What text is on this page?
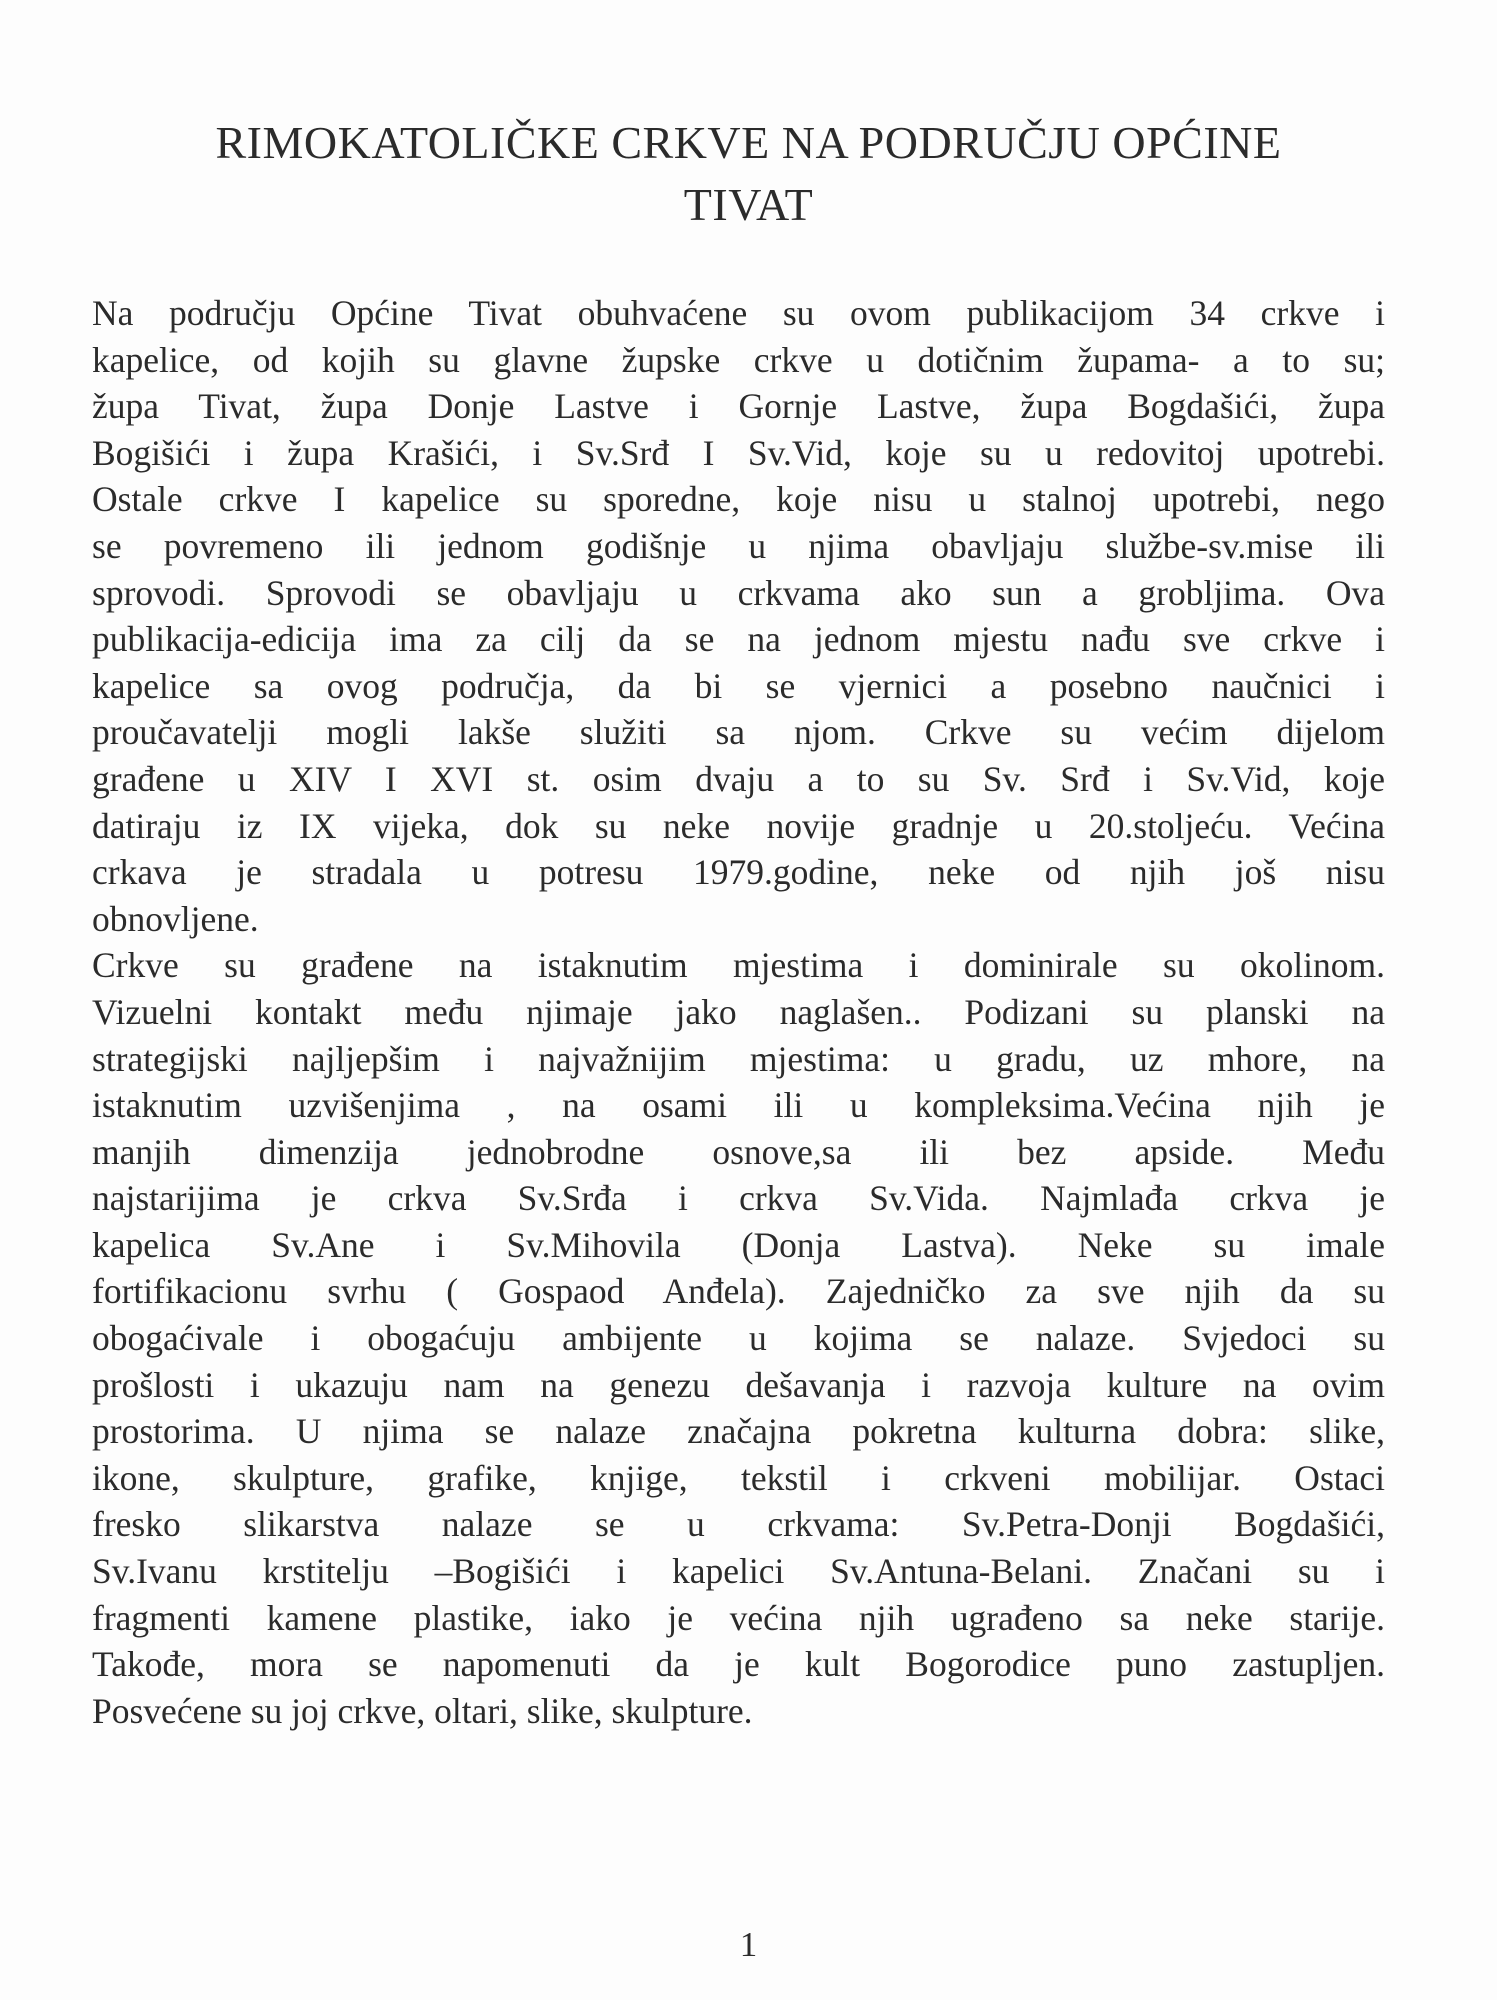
RIMOKATOLIČKE CRKVE NA PODRUČJU OPĆINE
TIVAT
Na području Općine Tivat obuhvaćene su ovom publikacijom 34 crkve i
kapelice, od kojih su glavne župske crkve u dotičnim župama- a to su;
župa Tivat, župa Donje Lastve i Gornje Lastve, župa Bogdašići, župa
Bogišići i župa Krašići, i Sv.Srđ I Sv.Vid, koje su u redovitoj upotrebi.
Ostale crkve I kapelice su sporedne, koje nisu u stalnoj upotrebi, nego
se povremeno ili jednom godišnje u njima obavljaju službe-sv.mise ili
sprovodi. Sprovodi se obavljaju u crkvama ako sun a grobljima. Ova
publikacija-edicija ima za cilj da se na jednom mjestu nađu sve crkve i
kapelice sa ovog područja, da bi se vjernici a posebno naučnici i
proučavatelji mogli lakše služiti sa njom. Crkve su većim dijelom
građene u XIV I XVI st. osim dvaju a to su Sv. Srđ i Sv.Vid, koje
datiraju iz IX vijeka, dok su neke novije gradnje u 20.stoljeću. Većina
crkava je stradala u potresu 1979.godine, neke od njih još nisu
obnovljene.
Crkve su građene na istaknutim mjestima i dominirale su okolinom.
Vizuelni kontakt među njimaje jako naglašen.. Podizani su planski na
strategijski najljepšim i najvažnijim mjestima: u gradu, uz mhore, na
istaknutim uzvišenjima , na osami ili u kompleksima.Većina njih je
manjih dimenzija jednobrodne osnove,sa ili bez apside. Među
najstarijima je crkva Sv.Srđa i crkva Sv.Vida. Najmlađa crkva je
kapelica Sv.Ane i Sv.Mihovila (Donja Lastva). Neke su imale
fortifikacionu svrhu ( Gospaod Anđela). Zajedničko za sve njih da su
obogaćivale i obogaćuju ambijente u kojima se nalaze. Svjedoci su
prošlosti i ukazuju nam na genezu dešavanja i razvoja kulture na ovim
prostorima. U njima se nalaze značajna pokretna kulturna dobra: slike,
ikone, skulpture, grafike, knjige, tekstil i crkveni mobilijar. Ostaci
fresko slikarstva nalaze se u crkvama: Sv.Petra-Donji Bogdašići,
Sv.Ivanu krstitelju –Bogišići i kapelici Sv.Antuna-Belani. Značani su i
fragmenti kamene plastike, iako je većina njih ugrađeno sa neke starije.
Takođe, mora se napomenuti da je kult Bogorodice puno zastupljen.
Posvećene su joj crkve, oltari, slike, skulpture.
1
